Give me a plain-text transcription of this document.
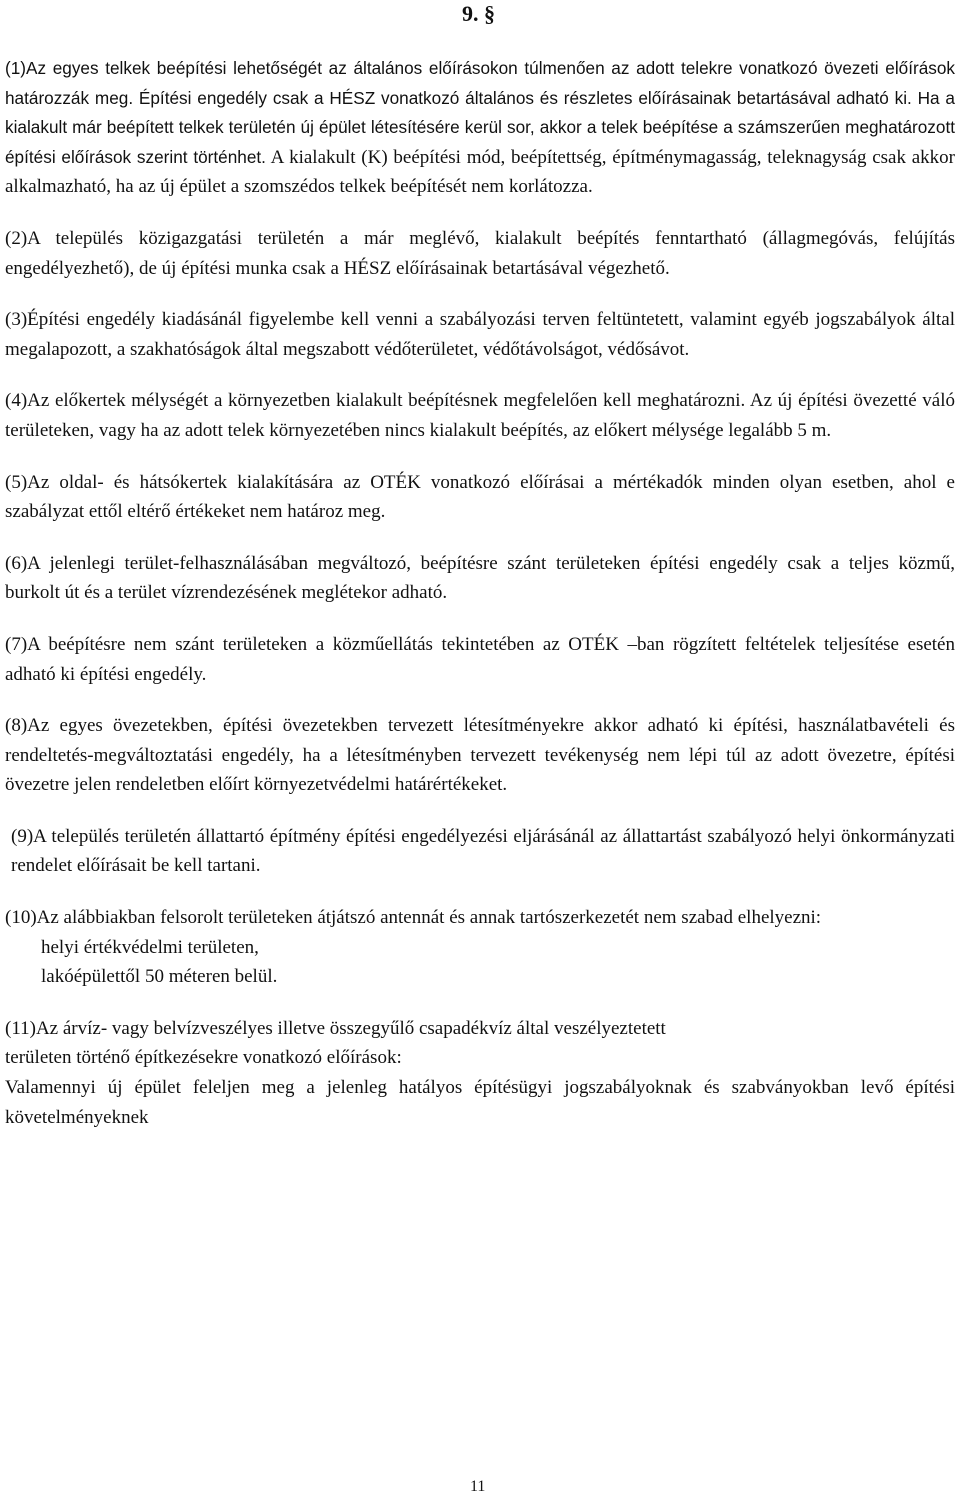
9. §

(1)Az egyes telkek beépítési lehetőségét az általános előírásokon túlmenően az adott telekre vonatkozó övezeti előírások határozzák meg. Építési engedély csak a HÉSZ vonatkozó általános és részletes előírásainak betartásával adható ki. Ha a kialakult már beépített telkek területén új épület létesítésére kerül sor, akkor a telek beépítése a számszerűen meghatározott építési előírások szerint történhet. A kialakult (K) beépítési mód, beépítettség, építménymagasság, teleknagyság csak akkor alkalmazható, ha az új épület a szomszédos telkek beépítését nem korlátozza.

(2)A település közigazgatási területén a már meglévő, kialakult beépítés fenntartható (állagmegóvás, felújítás engedélyezhető), de új építési munka csak a HÉSZ előírásainak betartásával végezhető.

(3)Építési engedély kiadásánál figyelembe kell venni a szabályozási terven feltüntetett, valamint egyéb jogszabályok által megalapozott, a szakhatóságok által megszabott védőterületet, védőtávolságot, védősávot.

(4)Az előkertek mélységét a környezetben kialakult beépítésnek megfelelően kell meghatározni. Az új építési övezetté váló területeken, vagy ha az adott telek környezetében nincs kialakult beépítés, az előkert mélysége legalább 5 m.

(5)Az oldal- és hátsókertek kialakítására az OTÉK vonatkozó előírásai a mértékadók minden olyan esetben, ahol e szabályzat ettől eltérő értékeket nem határoz meg.

(6)A jelenlegi terület-felhasználásában megváltozó, beépítésre szánt területeken építési engedély csak a teljes közmű, burkolt út és a terület vízrendezésének meglétekor adható.

(7)A beépítésre nem szánt területeken a közműellátás tekintetében az OTÉK –ban rögzített feltételek teljesítése esetén adható ki építési engedély.

(8)Az egyes övezetekben, építési övezetekben tervezett létesítményekre akkor adható ki építési, használatbavételi és rendeltetés-megváltoztatási engedély, ha a létesítményben tervezett tevékenység nem lépi túl az adott övezetre, építési övezetre jelen rendeletben előírt környezetvédelmi határértékeket.

(9)A település területén állattartó építmény építési engedélyezési eljárásánál az állattartást szabályozó helyi önkormányzati rendelet előírásait be kell tartani.

(10)Az alábbiakban felsorolt területeken átjátszó antennát és annak tartószerkezetét nem szabad elhelyezni:

helyi értékvédelmi területen,
lakóépülettől 50 méteren belül.
(11)Az árvíz- vagy belvízveszélyes illetve összegyűlő csapadékvíz által veszélyeztetett
területen történő építkezésekre vonatkozó előírások:

Valamennyi új épület feleljen meg a jelenleg hatályos építésügyi jogszabályoknak és szabványokban levő építési követelményeknek

11
